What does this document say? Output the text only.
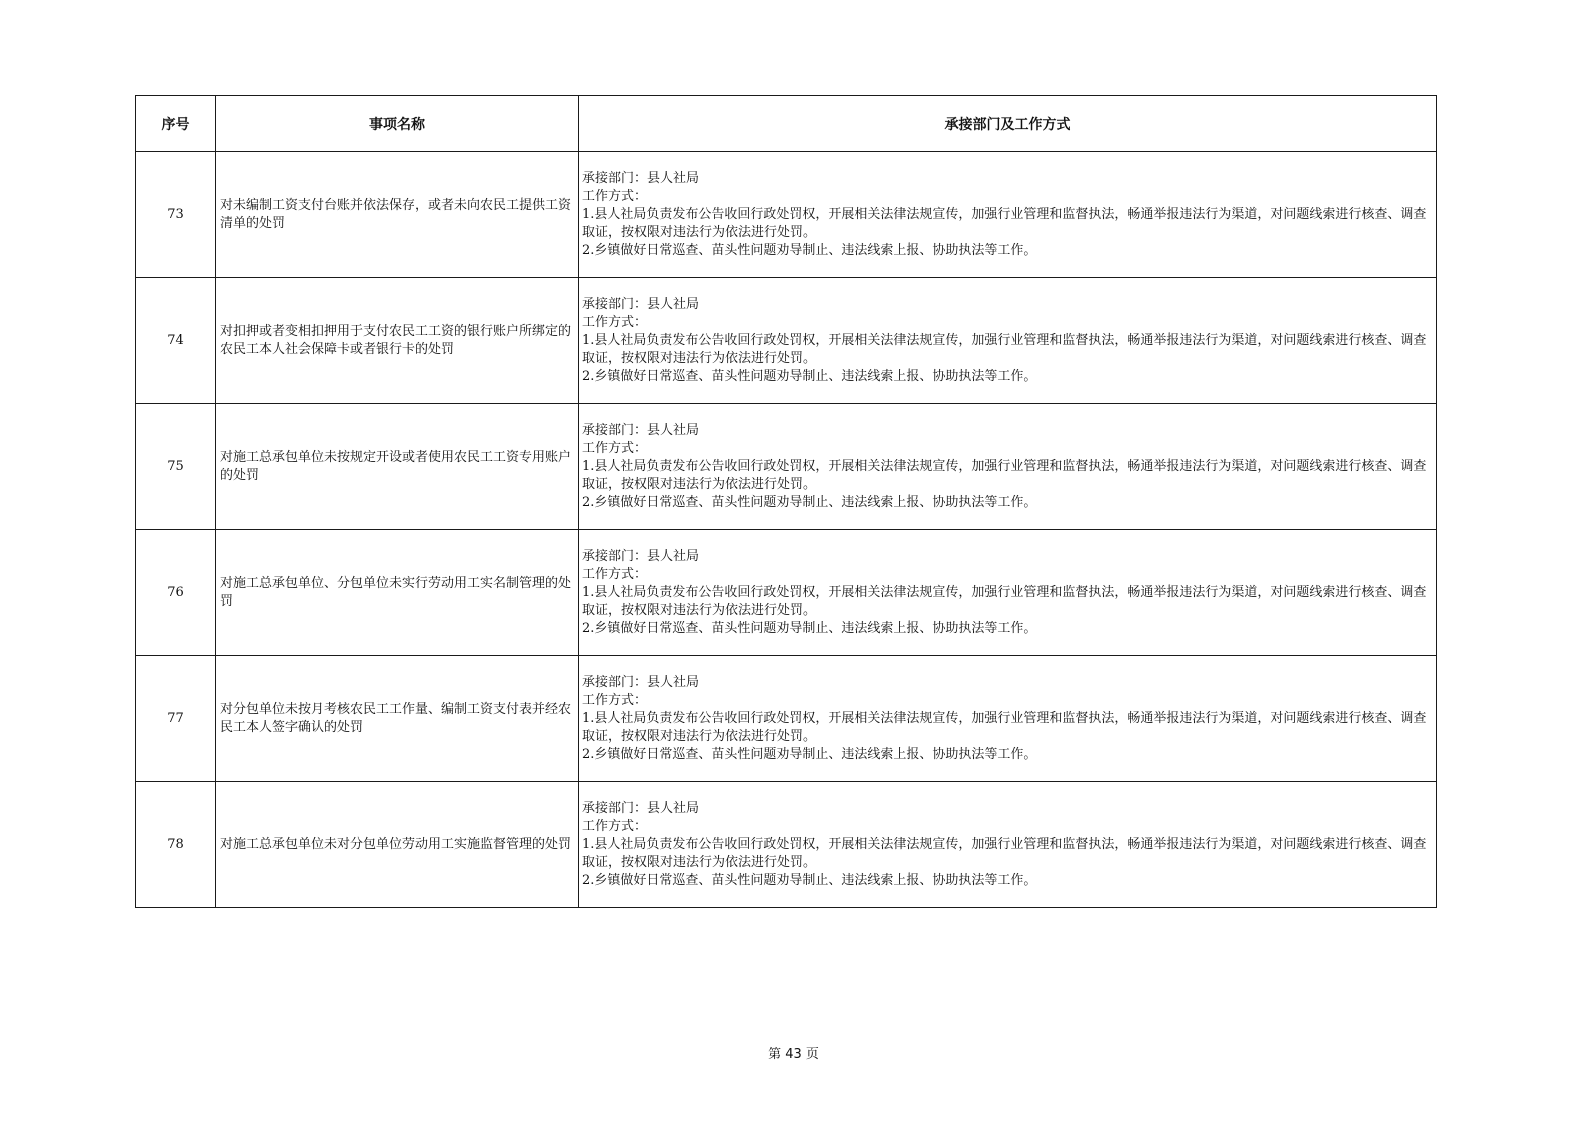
序号	事项名称	承接部门及工作方式
73	对未编制工资支付台账并依法保存，或者未向农民工提供工资清单的处罚	承接部门：县人社局
工作方式：
1.县人社局负责发布公告收回行政处罚权，开展相关法律法规宣传，加强行业管理和监督执法，畅通举报违法行为渠道，对问题线索进行核查、调查取证，按权限对违法行为依法进行处罚。
2.乡镇做好日常巡查、苗头性问题劝导制止、违法线索上报、协助执法等工作。

74	对扣押或者变相扣押用于支付农民工工资的银行账户所绑定的农民工本人社会保障卡或者银行卡的处罚	承接部门：县人社局
工作方式：
1.县人社局负责发布公告收回行政处罚权，开展相关法律法规宣传，加强行业管理和监督执法，畅通举报违法行为渠道，对问题线索进行核查、调查取证，按权限对违法行为依法进行处罚。
2.乡镇做好日常巡查、苗头性问题劝导制止、违法线索上报、协助执法等工作。

75	对施工总承包单位未按规定开设或者使用农民工工资专用账户的处罚	承接部门：县人社局
工作方式：
1.县人社局负责发布公告收回行政处罚权，开展相关法律法规宣传，加强行业管理和监督执法，畅通举报违法行为渠道，对问题线索进行核查、调查取证，按权限对违法行为依法进行处罚。
2.乡镇做好日常巡查、苗头性问题劝导制止、违法线索上报、协助执法等工作。

76	对施工总承包单位、分包单位未实行劳动用工实名制管理的处罚	承接部门：县人社局
工作方式：
1.县人社局负责发布公告收回行政处罚权，开展相关法律法规宣传，加强行业管理和监督执法，畅通举报违法行为渠道，对问题线索进行核查、调查取证，按权限对违法行为依法进行处罚。
2.乡镇做好日常巡查、苗头性问题劝导制止、违法线索上报、协助执法等工作。

77	对分包单位未按月考核农民工工作量、编制工资支付表并经农民工本人签字确认的处罚	承接部门：县人社局
工作方式：
1.县人社局负责发布公告收回行政处罚权，开展相关法律法规宣传，加强行业管理和监督执法，畅通举报违法行为渠道，对问题线索进行核查、调查取证，按权限对违法行为依法进行处罚。
2.乡镇做好日常巡查、苗头性问题劝导制止、违法线索上报、协助执法等工作。

78	对施工总承包单位未对分包单位劳动用工实施监督管理的处罚	承接部门：县人社局
工作方式：
1.县人社局负责发布公告收回行政处罚权，开展相关法律法规宣传，加强行业管理和监督执法，畅通举报违法行为渠道，对问题线索进行核查、调查取证，按权限对违法行为依法进行处罚。
2.乡镇做好日常巡查、苗头性问题劝导制止、违法线索上报、协助执法等工作。
第 43 页
